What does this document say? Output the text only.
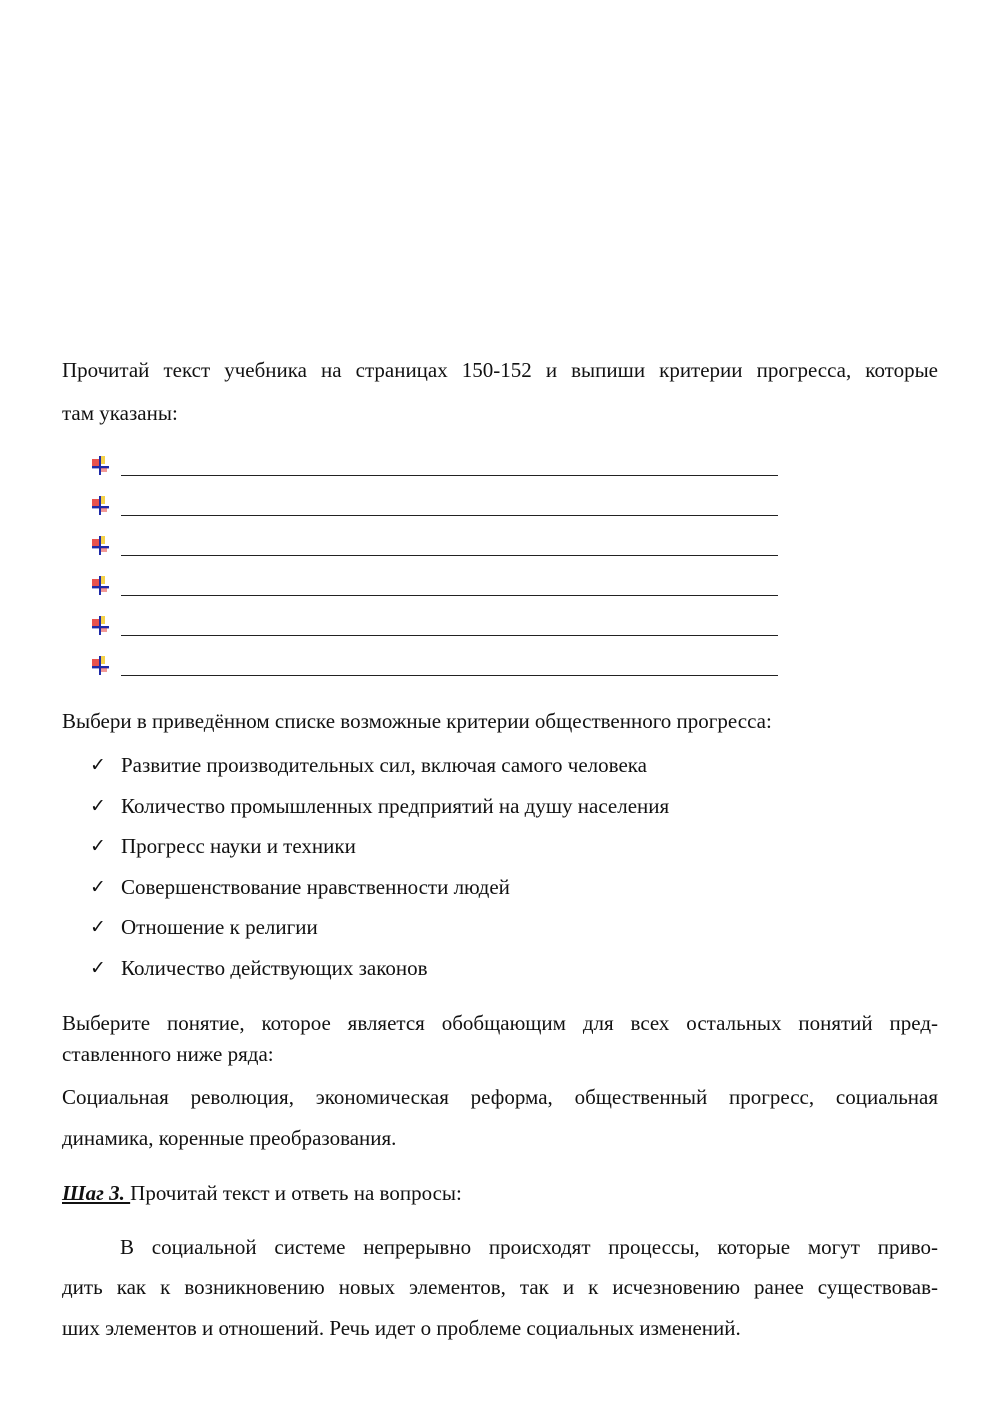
Прочитай текст учебника на страницах 150-152 и выпиши критерии прогресса, которые

там указаны:

Выбери в приведённом списке возможные критерии общественного прогресса:

✓ Развитие производительных сил, включая самого человека
✓ Количество промышленных предприятий на душу населения
✓ Прогресс науки и техники
✓ Совершенствование нравственности людей
✓ Отношение к религии
✓ Количество действующих законов

Выберите понятие, которое является обобщающим для всех остальных понятий пред-

ставленного ниже ряда:

Социальная революция, экономическая реформа, общественный прогресс, социальная

динамика, коренные преобразования.

Шаг 3. Прочитай текст и ответь на вопросы:

В социальной системе непрерывно происходят процессы, которые могут приво-

дить как к возникновению новых элементов, так и к исчезновению ранее существовав-

ших элементов и отношений. Речь идет о проблеме социальных изменений.
